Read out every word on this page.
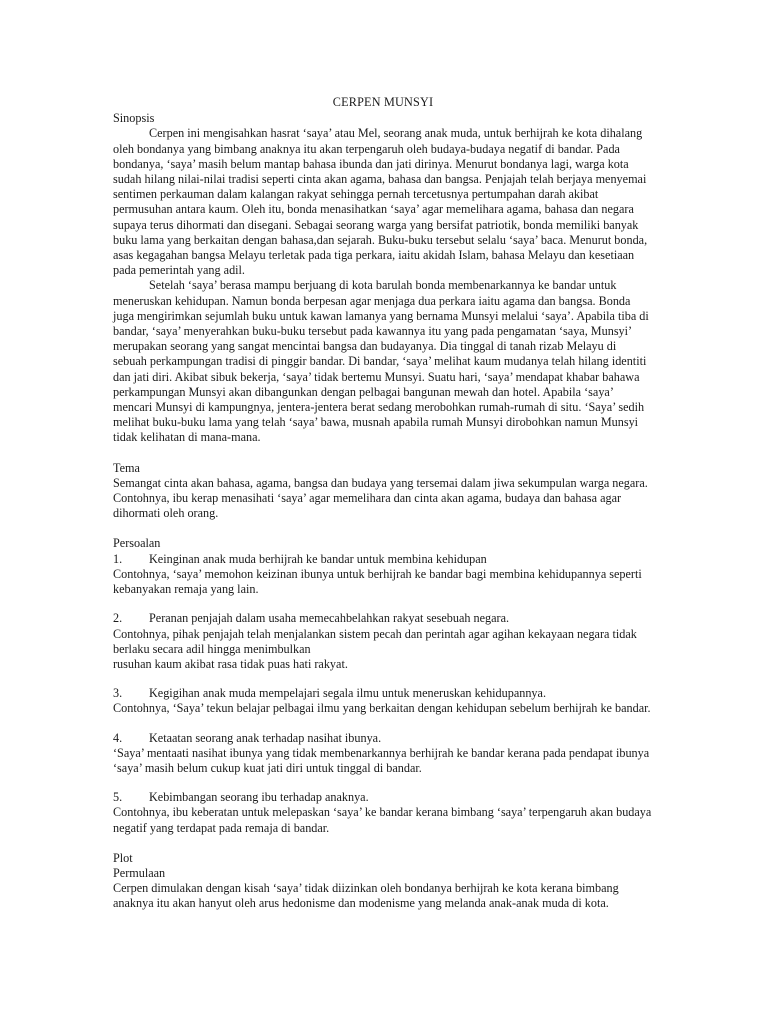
CERPEN MUNSYI

Sinopsis

Cerpen ini mengisahkan hasrat ‘saya’ atau Mel, seorang anak muda, untuk berhijrah ke kota dihalang oleh bondanya yang bimbang anaknya itu akan terpengaruh oleh budaya-budaya negatif di bandar. Pada bondanya, ‘saya’ masih belum mantap bahasa ibunda dan jati dirinya. Menurut bondanya lagi, warga kota sudah hilang nilai-nilai tradisi seperti cinta akan agama, bahasa dan bangsa. Penjajah telah berjaya menyemai sentimen perkauman dalam kalangan rakyat sehingga pernah tercetusnya pertumpahan darah akibat permusuhan antara kaum. Oleh itu, bonda menasihatkan ‘saya’ agar memelihara agama, bahasa dan negara supaya terus dihormati dan disegani. Sebagai seorang warga yang bersifat patriotik, bonda memiliki banyak buku lama yang berkaitan dengan bahasa,dan sejarah. Buku-buku tersebut selalu ‘saya’ baca. Menurut bonda, asas kegagahan bangsa Melayu terletak pada tiga perkara, iaitu akidah Islam, bahasa Melayu dan kesetiaan pada pemerintah yang adil.

Setelah ‘saya’ berasa mampu berjuang di kota barulah bonda membenarkannya ke bandar untuk meneruskan kehidupan. Namun bonda berpesan agar menjaga dua perkara iaitu agama dan bangsa. Bonda juga mengirimkan sejumlah buku untuk kawan lamanya yang bernama Munsyi melalui ‘saya’. Apabila tiba di bandar, ‘saya’ menyerahkan buku-buku tersebut pada kawannya itu yang pada pengamatan ‘saya, Munsyi’ merupakan seorang yang sangat mencintai bangsa dan budayanya. Dia tinggal di tanah rizab Melayu di sebuah perkampungan tradisi di pinggir bandar. Di bandar, ‘saya’ melihat kaum mudanya telah hilang identiti dan jati diri. Akibat sibuk bekerja, ‘saya’ tidak bertemu Munsyi. Suatu hari, ‘saya’ mendapat khabar bahawa perkampungan Munsyi akan dibangunkan dengan pelbagai bangunan mewah dan hotel. Apabila ‘saya’ mencari Munsyi di kampungnya, jentera-jentera berat sedang merobohkan rumah-rumah di situ. ‘Saya’ sedih melihat buku-buku lama yang telah ‘saya’ bawa, musnah apabila rumah Munsyi dirobohkan namun Munsyi tidak kelihatan di mana-mana.

Tema

Semangat cinta akan bahasa, agama, bangsa dan budaya yang tersemai dalam jiwa sekumpulan warga negara.

Contohnya, ibu kerap menasihati ‘saya’ agar memelihara dan cinta akan agama, budaya dan bahasa agar dihormati oleh orang.

Persoalan

1.	Keinginan anak muda berhijrah ke bandar untuk membina kehidupan

Contohnya, ‘saya’ memohon keizinan ibunya untuk berhijrah ke bandar bagi membina kehidupannya seperti kebanyakan remaja yang lain.

2.	Peranan penjajah dalam usaha memecahbelahkan rakyat sesebuah negara.

Contohnya, pihak penjajah telah menjalankan sistem pecah dan perintah agar agihan kekayaan negara tidak berlaku secara adil hingga menimbulkan

rusuhan kaum akibat rasa tidak puas hati rakyat.

3.	Kegigihan anak muda mempelajari segala ilmu untuk meneruskan kehidupannya.

Contohnya, ‘Saya’ tekun belajar pelbagai ilmu yang berkaitan dengan kehidupan sebelum berhijrah ke bandar.

4.	Ketaatan seorang anak terhadap nasihat ibunya.

‘Saya’ mentaati nasihat ibunya yang tidak membenarkannya berhijrah ke bandar kerana pada pendapat ibunya ‘saya’ masih belum cukup kuat jati diri untuk tinggal di bandar.

5.	Kebimbangan seorang ibu terhadap anaknya.

Contohnya, ibu keberatan untuk melepaskan ‘saya’ ke bandar kerana bimbang ‘saya’ terpengaruh akan budaya negatif yang terdapat pada remaja di bandar.

Plot

Permulaan

Cerpen dimulakan dengan kisah ‘saya’ tidak diizinkan oleh bondanya berhijrah ke kota kerana bimbang anaknya itu akan hanyut oleh arus hedonisme dan modenisme yang melanda anak-anak muda di kota.
